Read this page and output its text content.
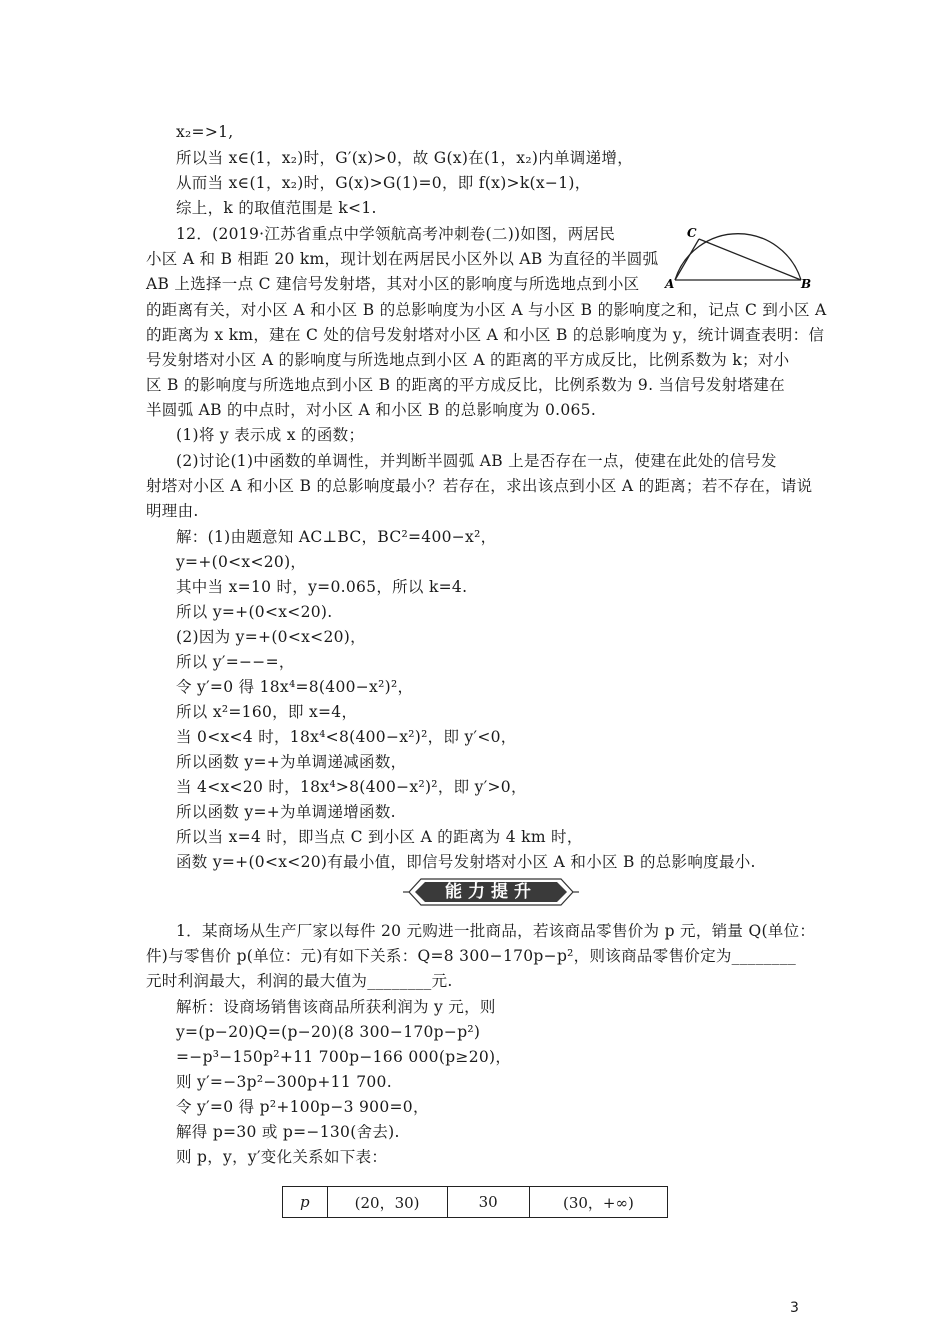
x₂=>1,
所以当 x∈(1，x₂)时，G′(x)>0，故 G(x)在(1，x₂)内单调递增，
从而当 x∈(1，x₂)时，G(x)>G(1)=0，即 f(x)>k(x−1)，
综上，k 的取值范围是 k<1.
12．(2019·江苏省重点中学领航高考冲刺卷(二))如图，两居民
小区 A 和 B 相距 20 km，现计划在两居民小区外以 AB 为直径的半圆弧
AB 上选择一点 C 建信号发射塔，其对小区的影响度与所选地点到小区
的距离有关，对小区 A 和小区 B 的总影响度为小区 A 与小区 B 的影响度之和，记点 C 到小区 A
的距离为 x km，建在 C 处的信号发射塔对小区 A 和小区 B 的总影响度为 y，统计调查表明：信
号发射塔对小区 A 的影响度与所选地点到小区 A 的距离的平方成反比，比例系数为 k；对小
区 B 的影响度与所选地点到小区 B 的距离的平方成反比，比例系数为 9. 当信号发射塔建在
半圆弧 AB 的中点时，对小区 A 和小区 B 的总影响度为 0.065.
(1)将 y 表示成 x 的函数；
(2)讨论(1)中函数的单调性，并判断半圆弧 AB 上是否存在一点，使建在此处的信号发
射塔对小区 A 和小区 B 的总影响度最小？若存在，求出该点到小区 A 的距离；若不存在，请说
明理由.
A	B
C
解：(1)由题意知 AC⊥BC，BC²=400−x²，
y=+(0<x<20)，
其中当 x=10 时，y=0.065，所以 k=4.
所以 y=+(0<x<20).
(2)因为 y=+(0<x<20)，
所以 y′=−−=，
令 y′=0 得 18x⁴=8(400−x²)²，
所以 x²=160，即 x=4，
当 0<x<4 时，18x⁴<8(400−x²)²，即 y′<0，
所以函数 y=+为单调递减函数，
当 4<x<20 时，18x⁴>8(400−x²)²，即 y′>0，
所以函数 y=+为单调递增函数.
所以当 x=4 时，即当点 C 到小区 A 的距离为 4 km 时，
函数 y=+(0<x<20)有最小值，即信号发射塔对小区 A 和小区 B 的总影响度最小.
能力提升
1．某商场从生产厂家以每件 20 元购进一批商品，若该商品零售价为 p 元，销量 Q(单位：
件)与零售价 p(单位：元)有如下关系：Q=8 300−170p−p²，则该商品零售价定为________
元时利润最大，利润的最大值为________元.
解析：设商场销售该商品所获利润为 y 元，则
y=(p−20)Q=(p−20)(8 300−170p−p²)
=−p³−150p²+11 700p−166 000(p≥20)，
则 y′=−3p²−300p+11 700.
令 y′=0 得 p²+100p−3 900=0，
解得 p=30 或 p=−130(舍去).
则 p，y，y′变化关系如下表：
p	(20，30)	30	(30，+∞)
3
